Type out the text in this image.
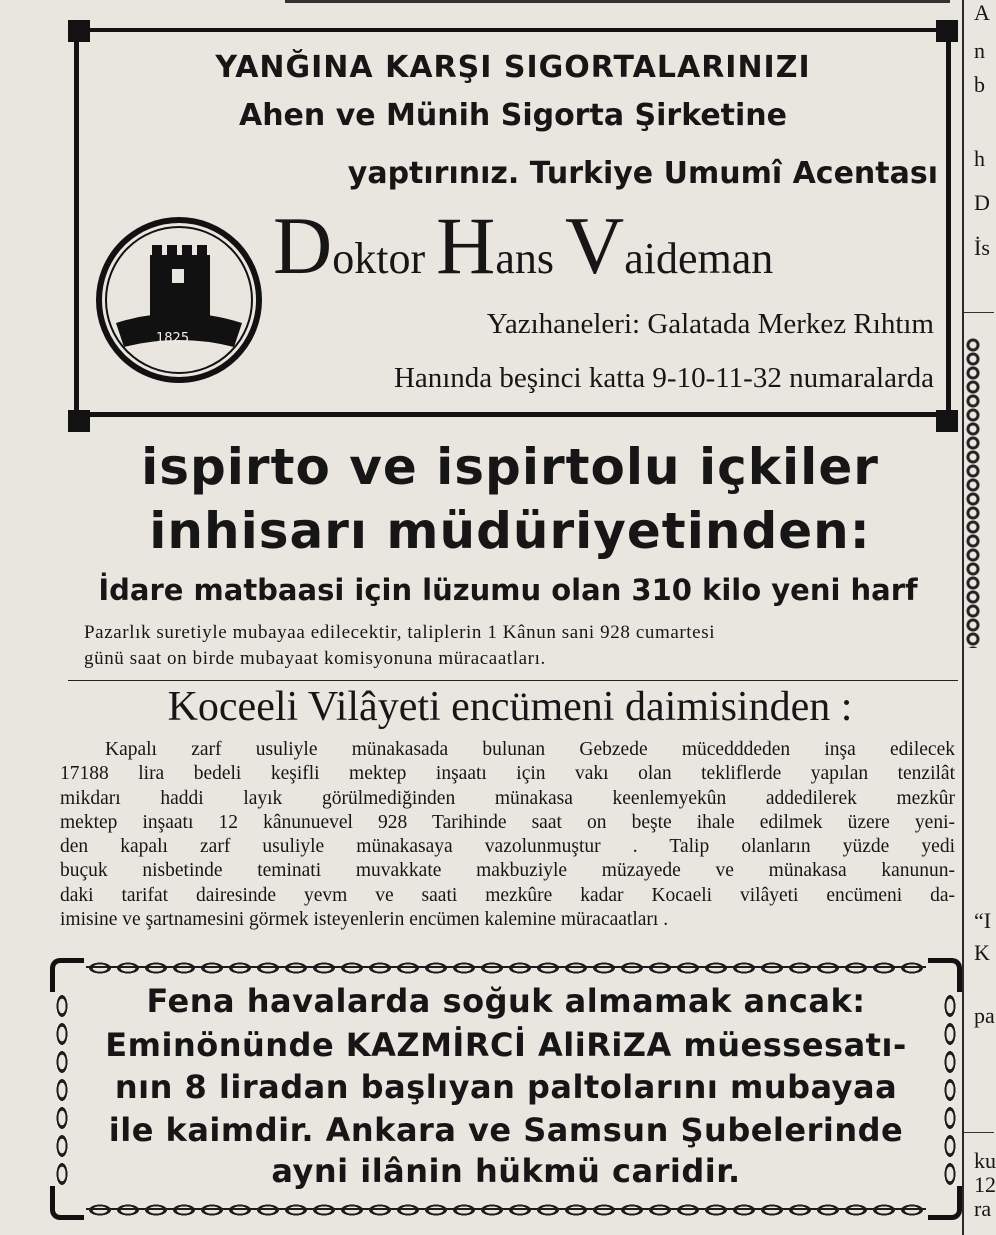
A
n
b
h
D
İs
“I
K
pa
ku
12
ra
YANĞINA KARŞI SIGORTALARINIZI
Ahen ve Münih Sigorta Şirketine
yaptırınız. Turkiye Umumî Acentası
Doktor Hans Vaideman
Yazıhaneleri: Galatada Merkez Rıhtım
Hanında beşinci katta 9-10-11-32 numaralarda
1825
ispirto ve ispirtolu içkiler
inhisarı müdüriyetinden:
İdare matbaasi için lüzumu olan 310 kilo yeni harf
Pazarlık suretiyle mubayaa edilecektir, taliplerin 1 Kânun sani 928 cumartesi
günü saat on birde mubayaat komisyonuna müracaatları.
Koceeli Vilâyeti encümeni daimisinden :

Kapalı zarf usuliyle münakasada bulunan Gebzede mücedddeden inşa edilecek

17188 lira bedeli keşifli mektep inşaatı için vakı olan tekliflerde yapılan tenzilât

mikdarı haddi layık görülmediğinden münakasa keenlemyekûn addedilerek mezkûr

mektep inşaatı 12 kânunuevel 928 Tarihinde saat on beşte ihale edilmek üzere yeni-

den kapalı zarf usuliyle münakasaya vazolunmuştur . Talip olanların yüzde yedi

buçuk nisbetinde teminati muvakkate makbuziyle müzayede ve münakasa kanunun-

daki tarifat dairesinde yevm ve saati mezkûre kadar Kocaeli vilâyeti encümeni da-

imisine ve şartnamesini görmek isteyenlerin encümen kalemine müracaatları .

Fena havalarda soğuk almamak ancak:
Eminönünde KAZMİRCİ AliRiZA müessesatı-
nın 8 liradan başlıyan paltolarını mubayaa
ile kaimdir. Ankara ve Samsun Şubelerinde
ayni ilânin hükmü caridir.
